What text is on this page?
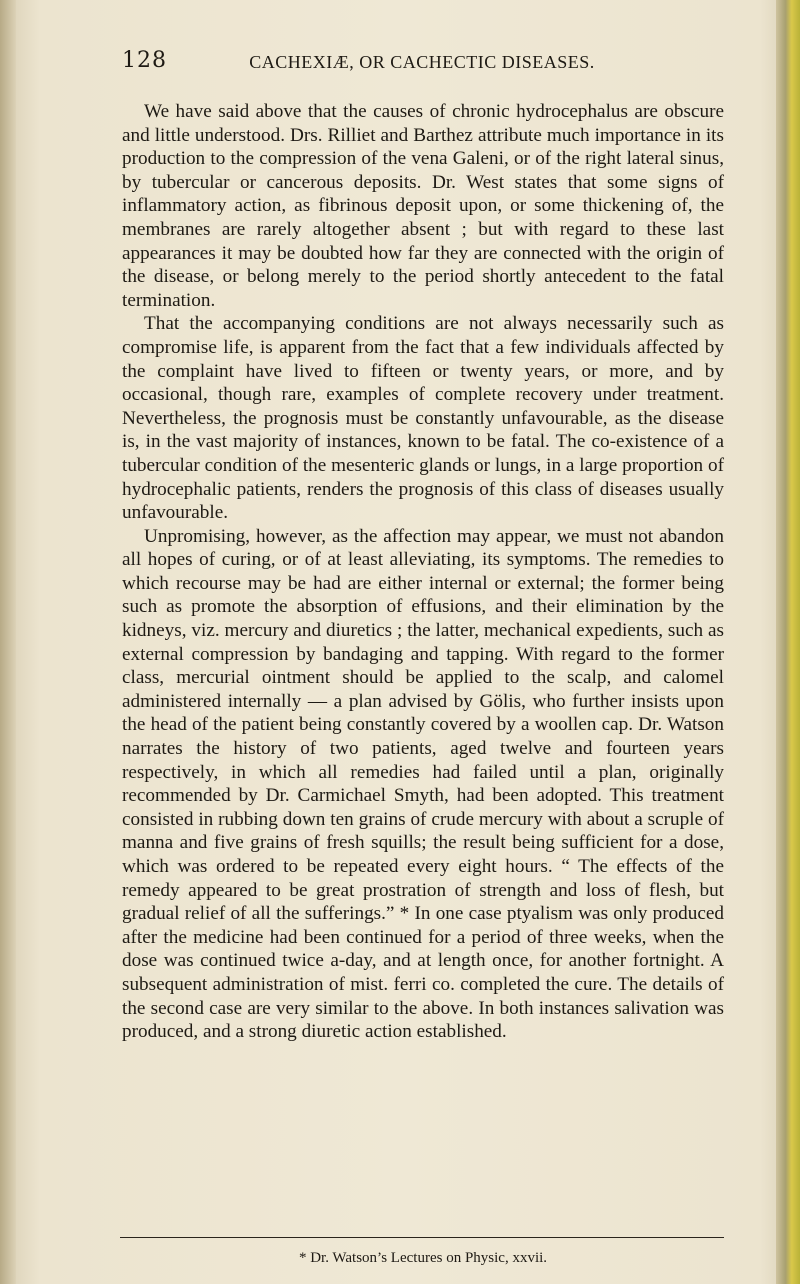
128	CACHEXIÆ, OR CACHECTIC DISEASES.

We have said above that the causes of chronic hydrocephalus are obscure and little understood. Drs. Rilliet and Barthez attribute much importance in its production to the compression of the vena Galeni, or of the right lateral sinus, by tubercular or cancerous deposits. Dr. West states that some signs of inflammatory action, as fibrinous deposit upon, or some thickening of, the membranes are rarely altogether absent ; but with regard to these last appearances it may be doubted how far they are connected with the origin of the disease, or belong merely to the period shortly antecedent to the fatal termination.

That the accompanying conditions are not always necessarily such as compromise life, is apparent from the fact that a few individuals affected by the complaint have lived to fifteen or twenty years, or more, and by occasional, though rare, examples of complete recovery under treatment. Nevertheless, the prognosis must be constantly unfavourable, as the disease is, in the vast majority of instances, known to be fatal. The co-existence of a tubercular condition of the mesenteric glands or lungs, in a large proportion of hydrocephalic patients, renders the prognosis of this class of diseases usually unfavourable.

Unpromising, however, as the affection may appear, we must not abandon all hopes of curing, or of at least alleviating, its symptoms. The remedies to which recourse may be had are either internal or external; the former being such as promote the absorption of effusions, and their elimination by the kidneys, viz. mercury and diuretics ; the latter, mechanical expedients, such as external compression by bandaging and tapping. With regard to the former class, mercurial ointment should be applied to the scalp, and calomel administered internally — a plan advised by Gölis, who further insists upon the head of the patient being constantly covered by a woollen cap. Dr. Watson narrates the history of two patients, aged twelve and fourteen years respectively, in which all remedies had failed until a plan, originally recommended by Dr. Carmichael Smyth, had been adopted. This treatment consisted in rubbing down ten grains of crude mercury with about a scruple of manna and five grains of fresh squills; the result being sufficient for a dose, which was ordered to be repeated every eight hours. “ The effects of the remedy appeared to be great prostration of strength and loss of flesh, but gradual relief of all the sufferings.” * In one case ptyalism was only produced after the medicine had been continued for a period of three weeks, when the dose was continued twice a-day, and at length once, for another fortnight. A subsequent administration of mist. ferri co. completed the cure. The details of the second case are very similar to the above. In both instances salivation was produced, and a strong diuretic action established.

* Dr. Watson’s Lectures on Physic, xxvii.
